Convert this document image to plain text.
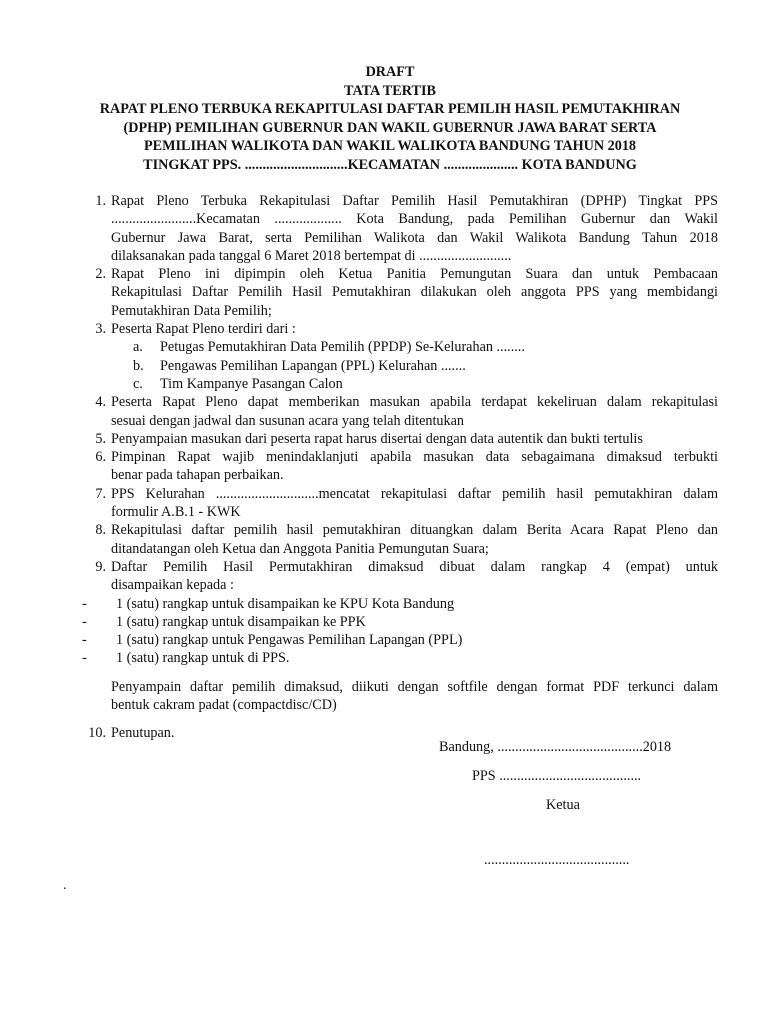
DRAFT
TATA TERTIB
RAPAT PLENO TERBUKA REKAPITULASI DAFTAR PEMILIH HASIL PEMUTAKHIRAN
(DPHP) PEMILIHAN GUBERNUR DAN WAKIL GUBERNUR JAWA BARAT SERTA
PEMILIHAN WALIKOTA DAN WAKIL WALIKOTA BANDUNG TAHUN 2018
TINGKAT PPS. .............................KECAMATAN ..................... KOTA BANDUNG
1. Rapat Pleno Terbuka Rekapitulasi Daftar Pemilih Hasil Pemutakhiran (DPHP) Tingkat PPS
........................Kecamatan ................... Kota Bandung, pada Pemilihan Gubernur dan Wakil
Gubernur Jawa Barat, serta Pemilihan Walikota dan Wakil Walikota Bandung Tahun 2018
dilaksanakan pada tanggal 6 Maret 2018 bertempat di ..........................
2. Rapat Pleno ini dipimpin oleh Ketua Panitia Pemungutan Suara dan untuk Pembacaan
Rekapitulasi Daftar Pemilih Hasil Pemutakhiran dilakukan oleh anggota PPS yang membidangi
Pemutakhiran Data Pemilih;
3. Peserta Rapat Pleno terdiri dari :
a. Petugas Pemutakhiran Data Pemilih (PPDP) Se-Kelurahan ........
b. Pengawas Pemilihan Lapangan (PPL) Kelurahan .......
c. Tim Kampanye Pasangan Calon
4. Peserta Rapat Pleno dapat memberikan masukan apabila terdapat kekeliruan dalam rekapitulasi
sesuai dengan jadwal dan susunan acara yang telah ditentukan
5. Penyampaian masukan dari peserta rapat harus disertai dengan data autentik dan bukti tertulis
6. Pimpinan Rapat wajib menindaklanjuti apabila masukan data sebagaimana dimaksud terbukti
benar pada tahapan perbaikan.
7. PPS Kelurahan .............................mencatat rekapitulasi daftar pemilih hasil pemutakhiran dalam
formulir A.B.1 - KWK
8. Rekapitulasi daftar pemilih hasil pemutakhiran dituangkan dalam Berita Acara Rapat Pleno dan
ditandatangan oleh Ketua dan Anggota Panitia Pemungutan Suara;
9. Daftar Pemilih Hasil Permutakhiran dimaksud dibuat dalam rangkap 4 (empat) untuk
disampaikan kepada :
- 1 (satu) rangkap untuk disampaikan ke KPU Kota Bandung
- 1 (satu) rangkap untuk disampaikan ke PPK
- 1 (satu) rangkap untuk Pengawas Pemilihan Lapangan (PPL)
- 1 (satu) rangkap untuk di PPS.
Penyampain daftar pemilih dimaksud, diikuti dengan softfile dengan format PDF terkunci dalam
bentuk cakram padat (compactdisc/CD)
10. Penutupan.
Bandung, .........................................2018
PPS ........................................
Ketua
.........................................
.
